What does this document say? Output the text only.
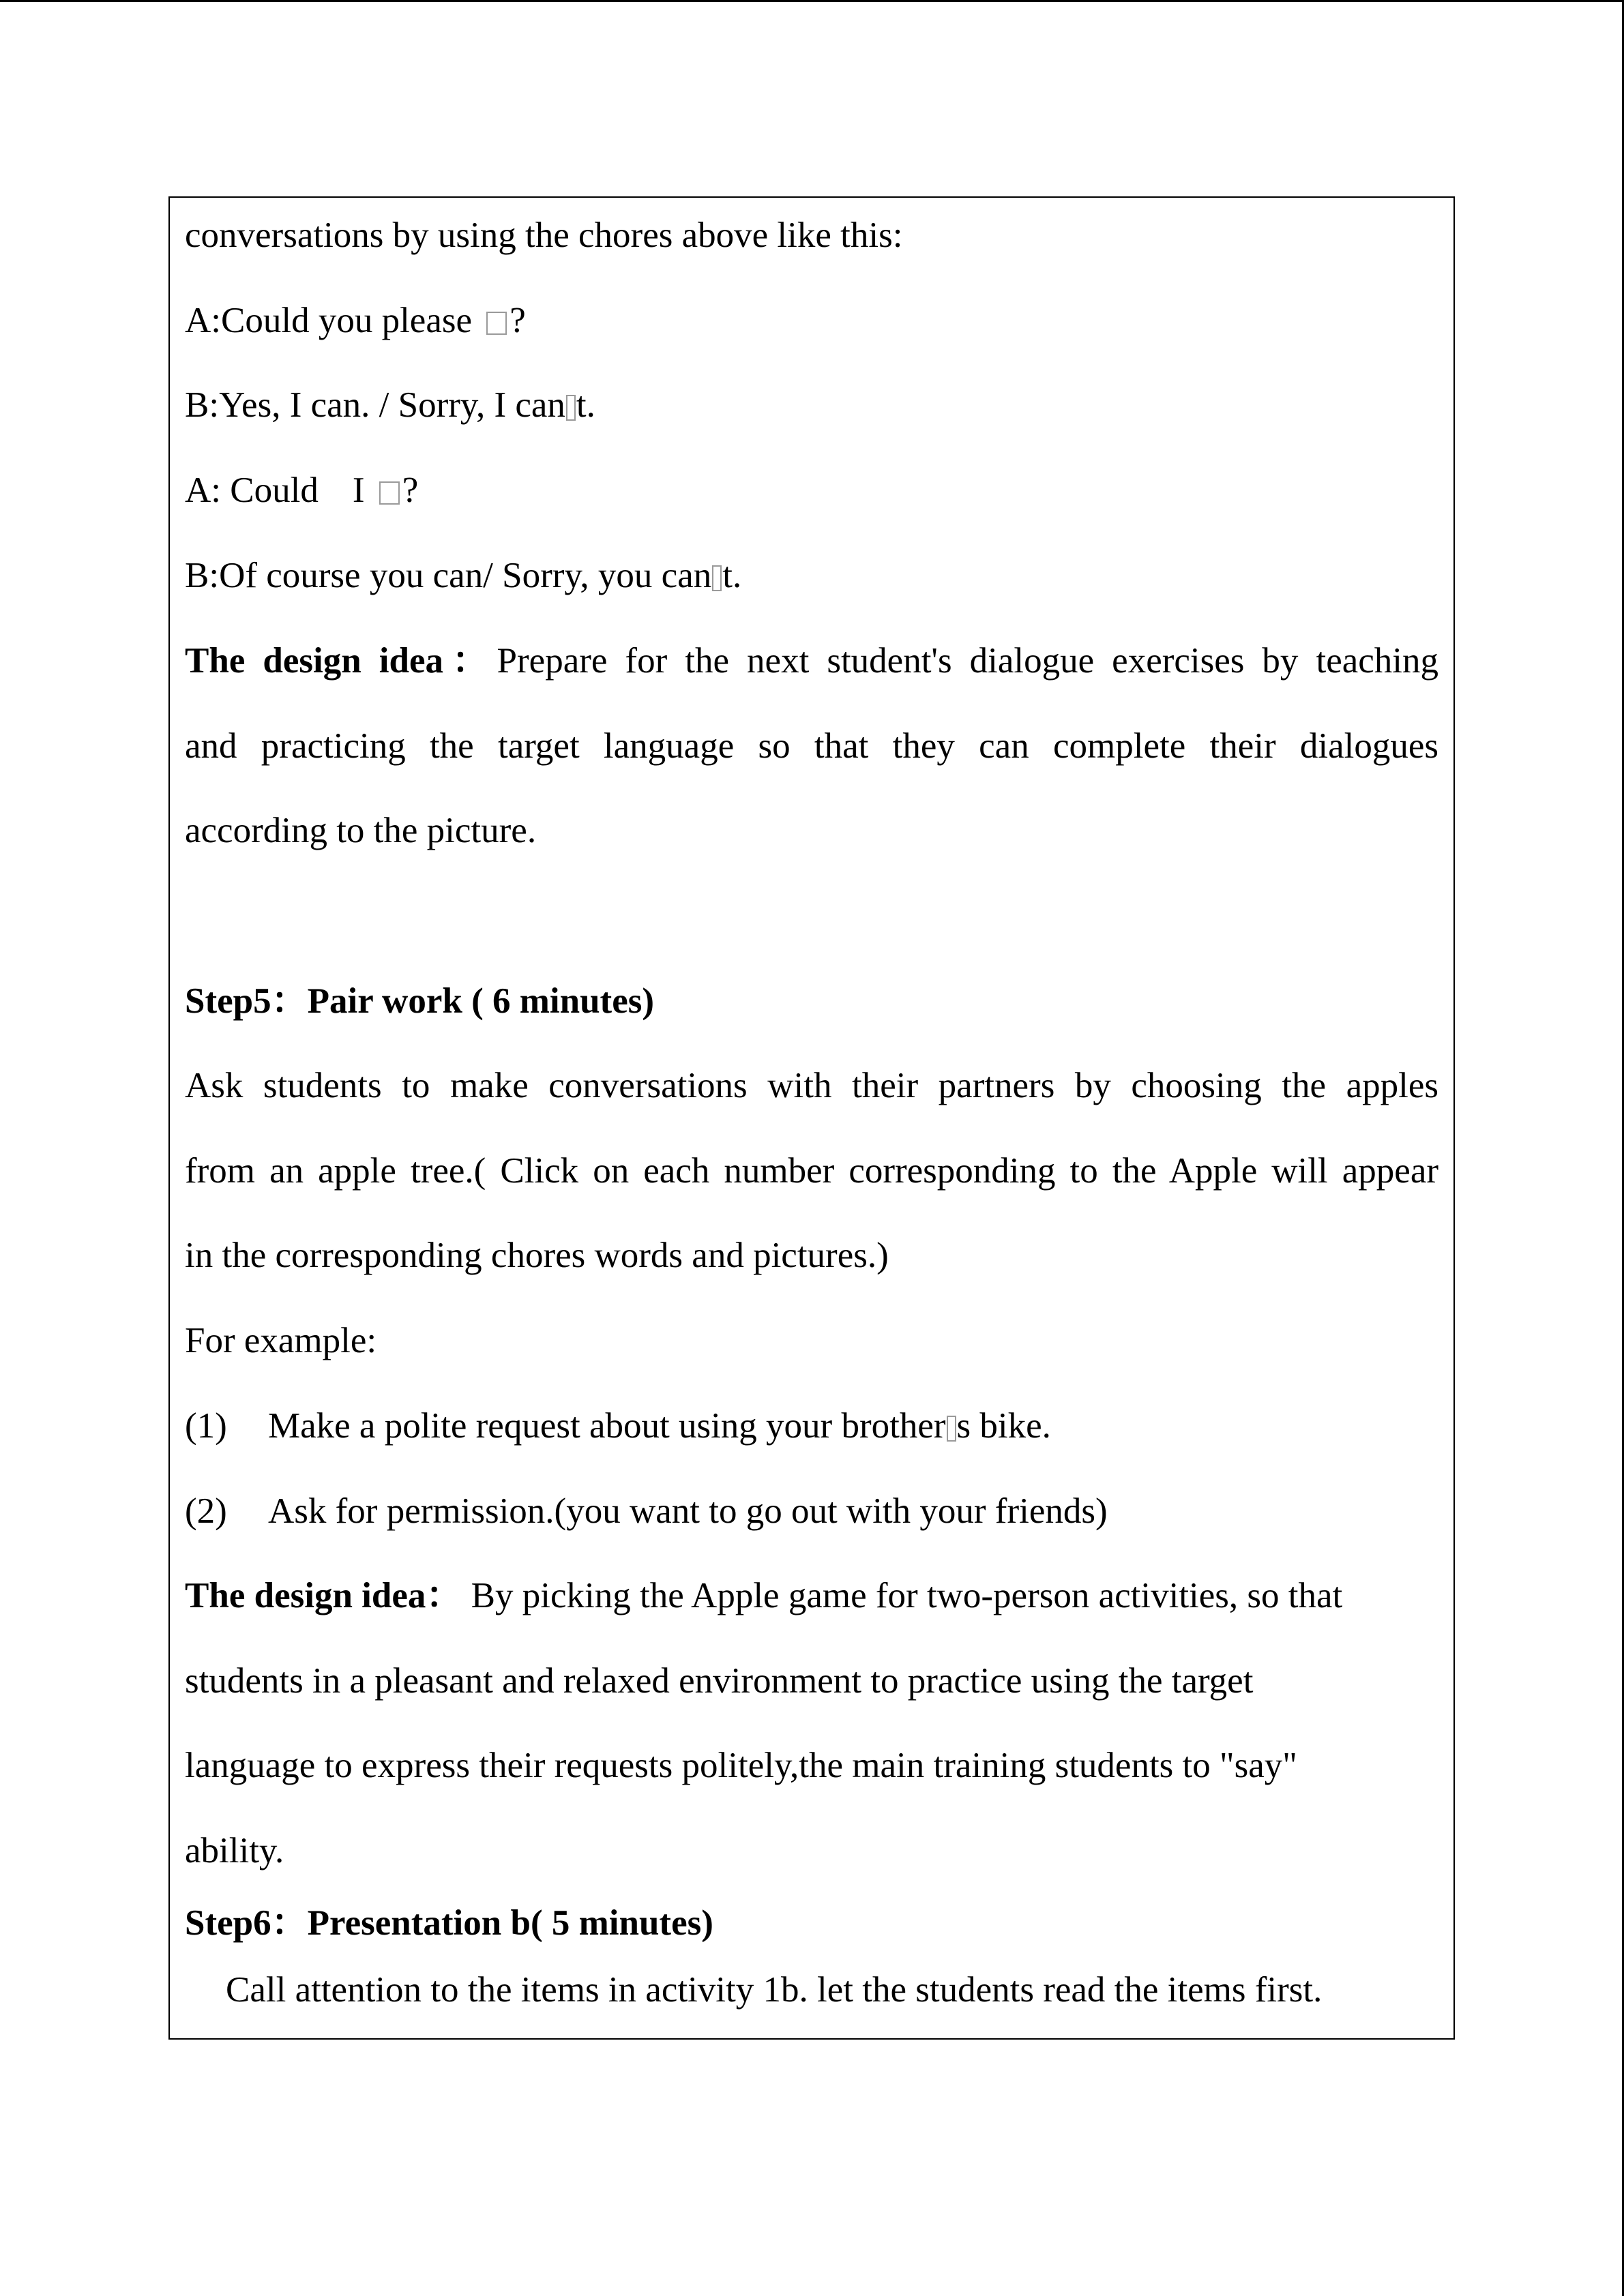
conversations by using the chores above like this:
A:Could you please ?
B:Yes, I can. / Sorry, I can t.
A: Could I ?
B:Of course you can/ Sorry, you can t.
The design idea：Prepare for the next student's dialogue exercises by teaching
and practicing the target language so that they can complete their dialogues
according to the picture.
Step5：Pair work ( 6 minutes)
Ask students to make conversations with their partners by choosing the apples
from an apple tree.( Click on each number corresponding to the Apple will appear
in the corresponding chores words and pictures.)
For example:
(1) Make a polite request about using your brother s bike.
(2) Ask for permission.(you want to go out with your friends)
The design idea： By picking the Apple game for two-person activities, so that
students in a pleasant and relaxed environment to practice using the target
language to express their requests politely,the main training students to "say"
ability.
Step6：Presentation b( 5 minutes)
Call attention to the items in activity 1b. let the students read the items first.
